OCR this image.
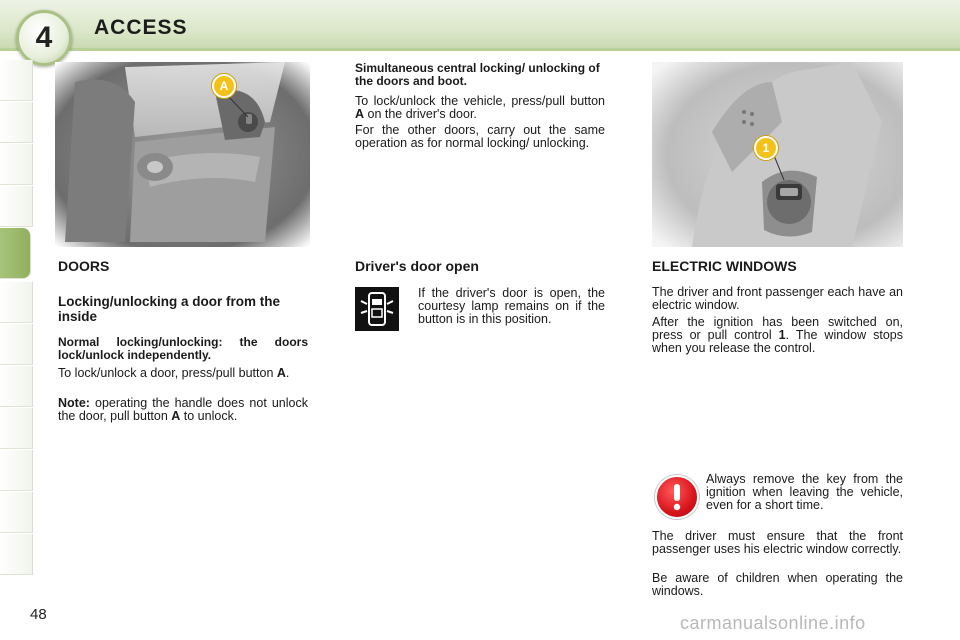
4 ACCESS
A
1
DOORS
Locking/unlocking a door from the inside
Normal locking/unlocking: the doors lock/unlock independently.
To lock/unlock a door, press/pull button A.
Note: operating the handle does not unlock the door, pull button A to unlock.
Simultaneous central locking/ unlocking of the doors and boot.
To lock/unlock the vehicle, press/pull button A on the driver's door.
For the other doors, carry out the same operation as for normal locking/ unlocking.
Driver's door open
If the driver's door is open, the courtesy lamp remains on if the button is in this position.
ELECTRIC WINDOWS
The driver and front passenger each have an electric window.
After the ignition has been switched on, press or pull control 1. The window stops when you release the control.
Always remove the key from the ignition when leaving the vehicle, even for a short time.
The driver must ensure that the front passenger uses his electric window correctly.
Be aware of children when operating the windows.
48	carmanualsonline.info
